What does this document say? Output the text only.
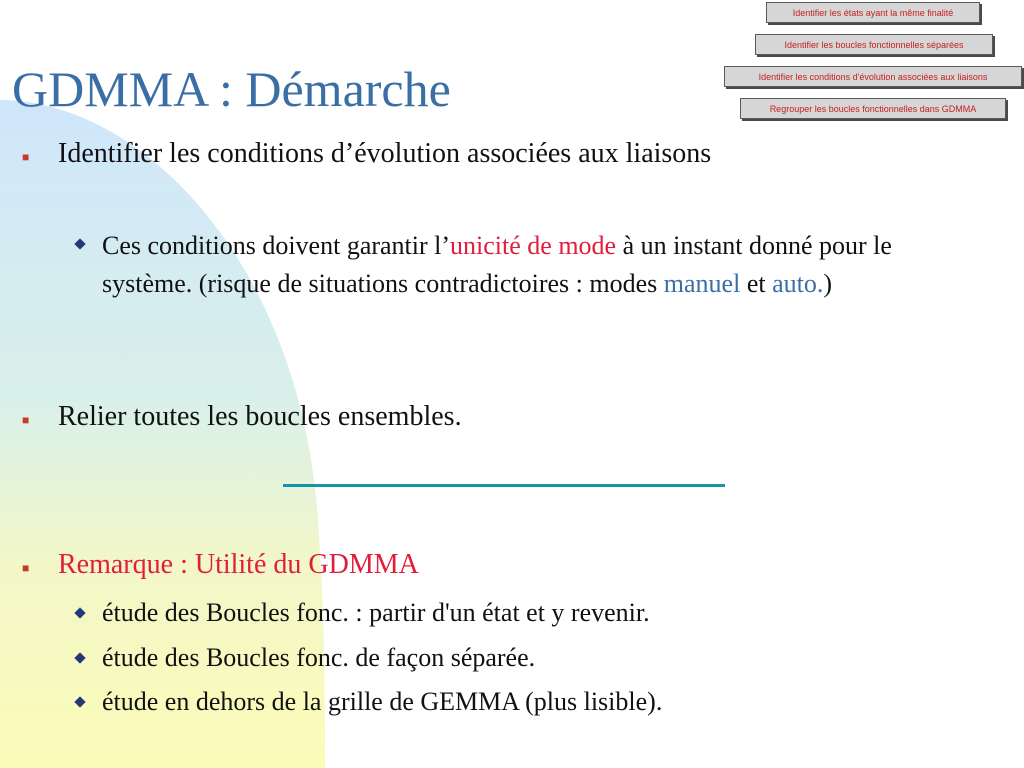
Identifier les états ayant la même finalité
Identifier les boucles fonctionnelles séparées
Identifier les conditions d'évolution associées aux liaisons
Regrouper les boucles fonctionnelles dans GDMMA
GDMMA : Démarche
■ Identifier les conditions d’évolution associées aux liaisons
Ces conditions doivent garantir l’unicité de mode à un instant donné pour le système. (risque de situations contradictoires : modes manuel et auto.)
■ Relier toutes les boucles ensembles.
■ Remarque : Utilité du GDMMA
étude des Boucles fonc. : partir d'un état et y revenir.
étude des Boucles fonc. de façon séparée.
étude en dehors de la grille de GEMMA (plus lisible).
